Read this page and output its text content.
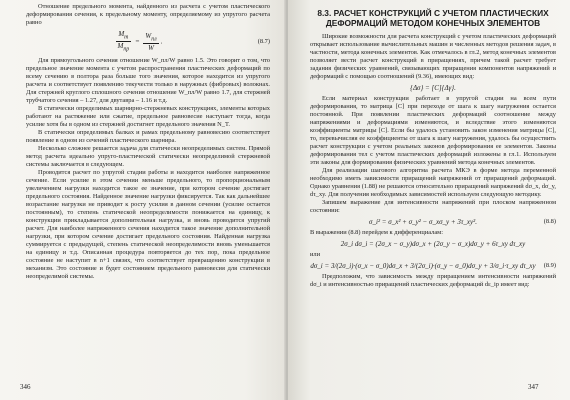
Отношение предельного момента, найденного из расчета с учетом пластического деформирования сечения, к предельному моменту, определяемому из упругого расчета равно

$\frac{M_т}{M_{пр}} = \frac{W_{пл}}{W}$ .	(8.7)

Для прямоугольного сечения отношение W_пл/W равно 1.5. Это говорит о том, что предельное значение момента с учетом распространения пластических деформаций по всему сечению в полтора раза больше того значения, которое находится из упругого расчета и соответствует появлению текучести только в наружных (фибровых) волокнах. Для стержней круглого сплошного сечения отношение W_пл/W равно 1.7, для стержней трубчатого сечения – 1.27, для двутавра – 1.16 и т.д.

В статически определимых шарнирно-стержневых конструкциях, элементы которых работают на растяжение или сжатие, предельное равновесие наступает тогда, когда усилие хотя бы в одном из стержней достигнет предельного значения N_T.

В статически определимых балках и рамах предельному равновесию соответствует появление в одном из сечений пластического шарнира.

Несколько сложнее решается задача для статически неопределимых систем. Прямой метод расчета идеально упруго-пластической статически неопределимой стержневой системы заключается в следующем.

Проводится расчет по упругой стадии работы и находится наиболее напряженное сечение. Если усилие в этом сечении меньше предельного, то пропорциональным увеличением нагрузки находится такое ее значение, при котором сечение достигает предельного состояния. Найденное значение нагрузки фиксируется. Так как дальнейшее возрастание нагрузки не приводит к росту усилия в данном сечении (усилие остается постоянным), то степень статической неопределимости понижается на единицу, к конструкции прикладывается дополнительная нагрузка, и вновь проводится упругий расчет. Для наиболее напряженного сечения находится такое значение дополнительной нагрузки, при котором сечение достигает предельного состояния. Найденная нагрузка суммируется с предыдущей, степень статической неопределимости вновь уменьшается на единицу и т.д. Описанная процедура повторяется до тех пор, пока предельное состояние не наступит в n+1 связях, что соответствует превращению конструкции в механизм. Это состояние и будет состоянием предельного равновесия для статически неопределимой системы.

346
8.3. РАСЧЕТ КОНСТРУКЦИЙ С УЧЕТОМ ПЛАСТИЧЕСКИХ ДЕФОРМАЦИЙ МЕТОДОМ КОНЕЧНЫХ ЭЛЕМЕНТОВ

Широкие возможности для расчета конструкций с учетом пластических деформаций открывает использование вычислительных машин и численных методов решения задач, в частности, метода конечных элементов. Как отмечалось в гл.2, метод конечных элементов позволяет вести расчет конструкций в приращениях, причем такой расчет требует задания физических уравнений, связывающих приращения компонентов напряжений и деформаций с помощью соотношений (9.36), имеющих вид:

{Δσ} = [C]{Δγ}.

Если материал конструкции работает в упругой стадии на всем пути деформирования, то матрица [C] при переходе от шага к шагу нагружения остается постоянной. При появлении пластических деформаций соотношение между напряжениями и деформациями изменяются, и вследствие этого изменяются коэффициенты матрицы [C]. Если бы удалось установить закон изменения матрицы [C], то, перевычисляя ее коэффициенты от шага к шагу нагружения, удалось бы осуществить расчет конструкции с учетом реальных законов деформирования ее элементов. Законы деформирования тел с учетом пластических деформаций изложены в гл.1. Используем эти законы для формирования физических уравнений метода конечных элементов.

Для реализации шагового алгоритма расчета МКЭ в форме метода переменной необходимо иметь зависимости приращений напряжений от приращений деформаций. Однако уравнения (1.88) не решаются относительно приращений напряжений dσ_x, dσ_y, dτ_xy. Для получения необходимых зависимостей используем следующую методику.

Запишем выражение для интенсивности напряжений при плоском напряженном состоянии:

σ_i² = σ_x² + σ_y² − σ_xσ_y + 3τ_xy².	(8.8)

В выражении (8.8) перейдем к дифференциалам:

2σ_i dσ_i = (2σ_x − σ_y)dσ_x + (2σ_y − σ_x)dσ_y + 6τ_xy dτ_xy

или

dσ_i = 3/(2σ_i)·(σ_x − σ_0)dσ_x + 3/(2σ_i)·(σ_y − σ_0)dσ_y + 3/σ_i·τ_xy dτ_xy	(8.9)

Предположим, что зависимость между приращением интенсивности напряжений dσ_i и интенсивностью приращений пластических деформаций dε_ip имеет вид:

347
